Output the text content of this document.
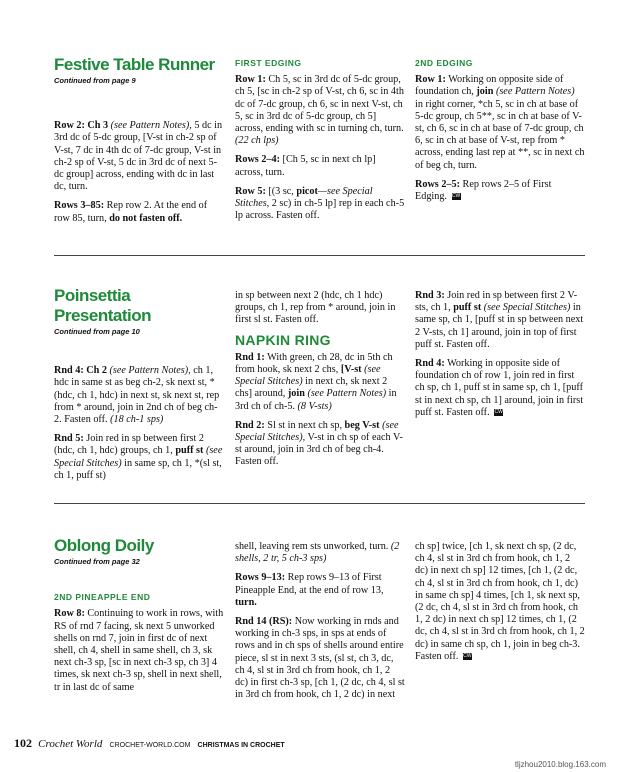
Festive Table Runner

Continued from page 9

Row 2: Ch 3 (see Pattern Notes), 5 dc in 3rd dc of 5-dc group, [V-st in ch-2 sp of V-st, 7 dc in 4th dc of 7-dc group, V-st in ch-2 sp of V-st, 5 dc in 3rd dc of next 5-dc group] across, ending with dc in last dc, turn.

Rows 3–85: Rep row 2. At the end of row 85, turn, do not fasten off.

FIRST EDGING

Row 1: Ch 5, sc in 3rd dc of 5-dc group, ch 5, [sc in ch-2 sp of V-st, ch 6, sc in 4th dc of 7-dc group, ch 6, sc in next V-st, ch 5, sc in 3rd dc of 5-dc group, ch 5] across, ending with sc in turning ch, turn. (22 ch lps)

Rows 2–4: [Ch 5, sc in next ch lp] across, turn.

Row 5: [(3 sc, picot—see Special Stitches, 2 sc) in ch-5 lp] rep in each ch-5 lp across. Fasten off.

2ND EDGING

Row 1: Working on opposite side of foundation ch, join (see Pattern Notes) in right corner, *ch 5, sc in ch at base of 5-dc group, ch 5**, sc in ch at base of V-st, ch 6, sc in ch at base of 7-dc group, ch 6, sc in ch at base of V-st, rep from * across, ending last rep at **, sc in next ch of beg ch, turn.

Rows 2–5: Rep rows 2–5 of First Edging. CW

Poinsettia Presentation

Continued from page 10

Rnd 4: Ch 2 (see Pattern Notes), ch 1, hdc in same st as beg ch-2, sk next st, *(hdc, ch 1, hdc) in next st, sk next st, rep from * around, join in 2nd ch of beg ch-2. Fasten off. (18 ch-1 sps)

Rnd 5: Join red in sp between first 2 (hdc, ch 1, hdc) groups, ch 1, puff st (see Special Stitches) in same sp, ch 1, *(sl st, ch 1, puff st)

in sp between next 2 (hdc, ch 1 hdc) groups, ch 1, rep from * around, join in first sl st. Fasten off.

NAPKIN RING

Rnd 1: With green, ch 28, dc in 5th ch from hook, sk next 2 chs, [V-st (see Special Stitches) in next ch, sk next 2 chs] around, join (see Pattern Notes) in 3rd ch of ch-5. (8 V-sts)

Rnd 2: Sl st in next ch sp, beg V-st (see Special Stitches), V-st in ch sp of each V-st around, join in 3rd ch of beg ch-4. Fasten off.

Rnd 3: Join red in sp between first 2 V-sts, ch 1, puff st (see Special Stitches) in same sp, ch 1, [puff st in sp between next 2 V-sts, ch 1] around, join in top of first puff st. Fasten off.

Rnd 4: Working in opposite side of foundation ch of row 1, join red in first ch sp, ch 1, puff st in same sp, ch 1, [puff st in next ch sp, ch 1] around, join in first puff st. Fasten off. CW

Oblong Doily

Continued from page 32

2ND PINEAPPLE END

Row 8: Continuing to work in rows, with RS of rnd 7 facing, sk next 5 unworked shells on rnd 7, join in first dc of next shell, ch 4, shell in same shell, ch 3, sk next ch-3 sp, [sc in next ch-3 sp, ch 3] 4 times, sk next ch-3 sp, shell in next shell, tr in last dc of same

shell, leaving rem sts unworked, turn. (2 shells, 2 tr, 5 ch-3 sps)

Rows 9–13: Rep rows 9–13 of First Pineapple End, at the end of row 13, turn.

Rnd 14 (RS): Now working in rnds and working in ch-3 sps, in sps at ends of rows and in ch sps of shells around entire piece, sl st in next 3 sts, (sl st, ch 3, dc, ch 4, sl st in 3rd ch from hook, ch 1, 2 dc) in first ch-3 sp, [ch 1, (2 dc, ch 4, sl st in 3rd ch from hook, ch 1, 2 dc) in next

ch sp] twice, [ch 1, sk next ch sp, (2 dc, ch 4, sl st in 3rd ch from hook, ch 1, 2 dc) in next ch sp] 12 times, [ch 1, (2 dc, ch 4, sl st in 3rd ch from hook, ch 1, dc) in same ch sp] 4 times, [ch 1, sk next sp, (2 dc, ch 4, sl st in 3rd ch from hook, ch 1, 2 dc) in next ch sp] 12 times, ch 1, (2 dc, ch 4, sl st in 3rd ch from hook, ch 1, 2 dc) in same ch sp, ch 1, join in beg ch-3. Fasten off. CW

102 Crochet World CROCHET-WORLD.COM CHRISTMAS IN CROCHET
tljzhou2010.blog.163.com
